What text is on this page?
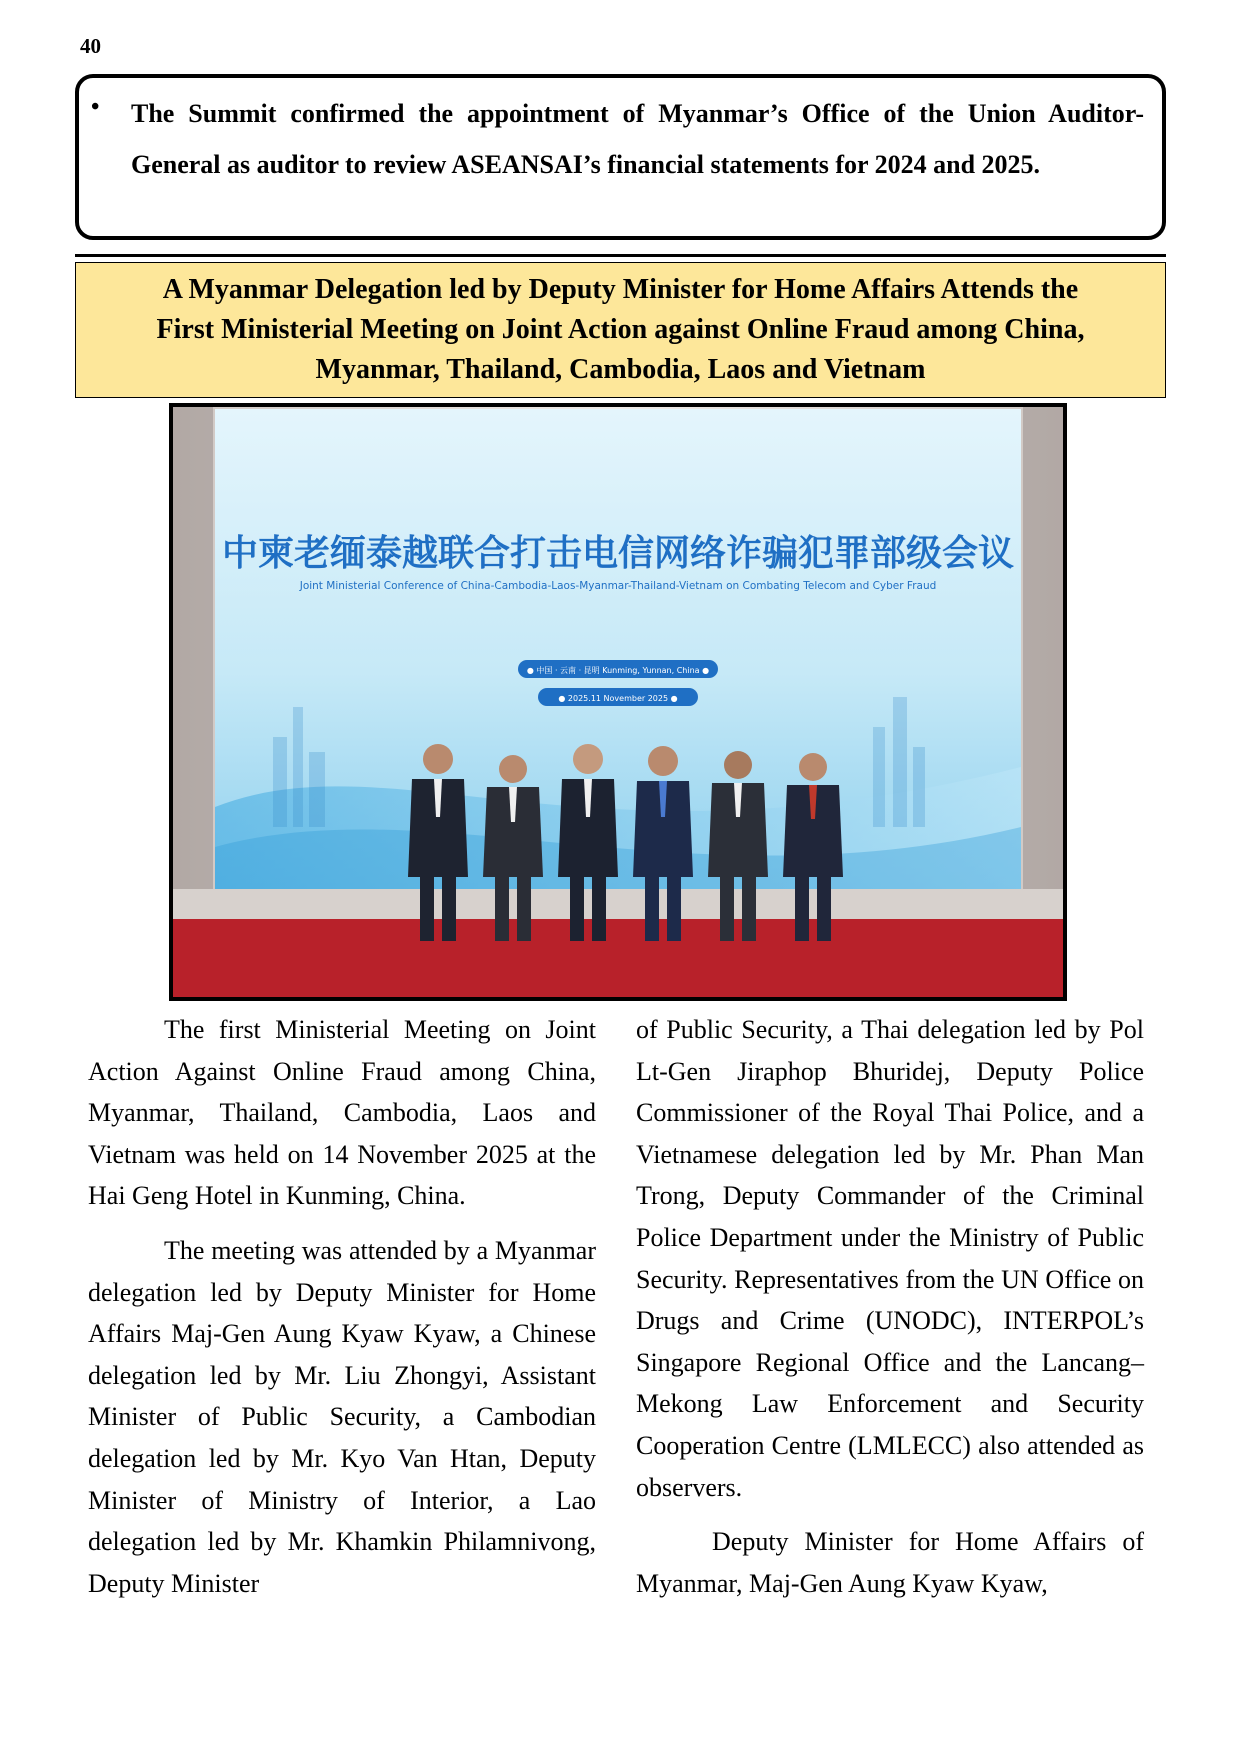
40
• The Summit confirmed the appointment of Myanmar’s Office of the Union Auditor-General as auditor to review ASEANSAI’s financial statements for 2024 and 2025.

A Myanmar Delegation led by Deputy Minister for Home Affairs Attends the
First Ministerial Meeting on Joint Action against Online Fraud among China,
Myanmar, Thailand, Cambodia, Laos and Vietnam
中柬老缅泰越联合打击电信网络诈骗犯罪部级会议
Joint Ministerial Conference of China-Cambodia-Laos-Myanmar-Thailand-Vietnam on Combating Telecom and Cyber Fraud
● 中国 · 云南 · 昆明 Kunming, Yunnan, China ●
● 2025.11 November 2025 ●

The first Ministerial Meeting on Joint Action Against Online Fraud among China, Myanmar, Thailand, Cambodia, Laos and Vietnam was held on 14 November 2025 at the Hai Geng Hotel in Kunming, China.

The meeting was attended by a Myanmar delegation led by Deputy Minister for Home Affairs Maj-Gen Aung Kyaw Kyaw, a Chinese delegation led by Mr. Liu Zhongyi, Assistant Minister of Public Security, a Cambodian delegation led by Mr. Kyo Van Htan, Deputy Minister of Ministry of Interior, a Lao delegation led by Mr. Khamkin Philamnivong, Deputy Minister

of Public Security, a Thai delegation led by Pol Lt-Gen Jiraphop Bhuridej, Deputy Police Commissioner of the Royal Thai Police, and a Vietnamese delegation led by Mr. Phan Man Trong, Deputy Commander of the Criminal Police Department under the Ministry of Public Security. Representatives from the UN Office on Drugs and Crime (UNODC), INTERPOL’s Singapore Regional Office and the Lancang–Mekong Law Enforcement and Security Cooperation Centre (LMLECC) also attended as observers.

Deputy Minister for Home Affairs of Myanmar, Maj-Gen Aung Kyaw Kyaw,
